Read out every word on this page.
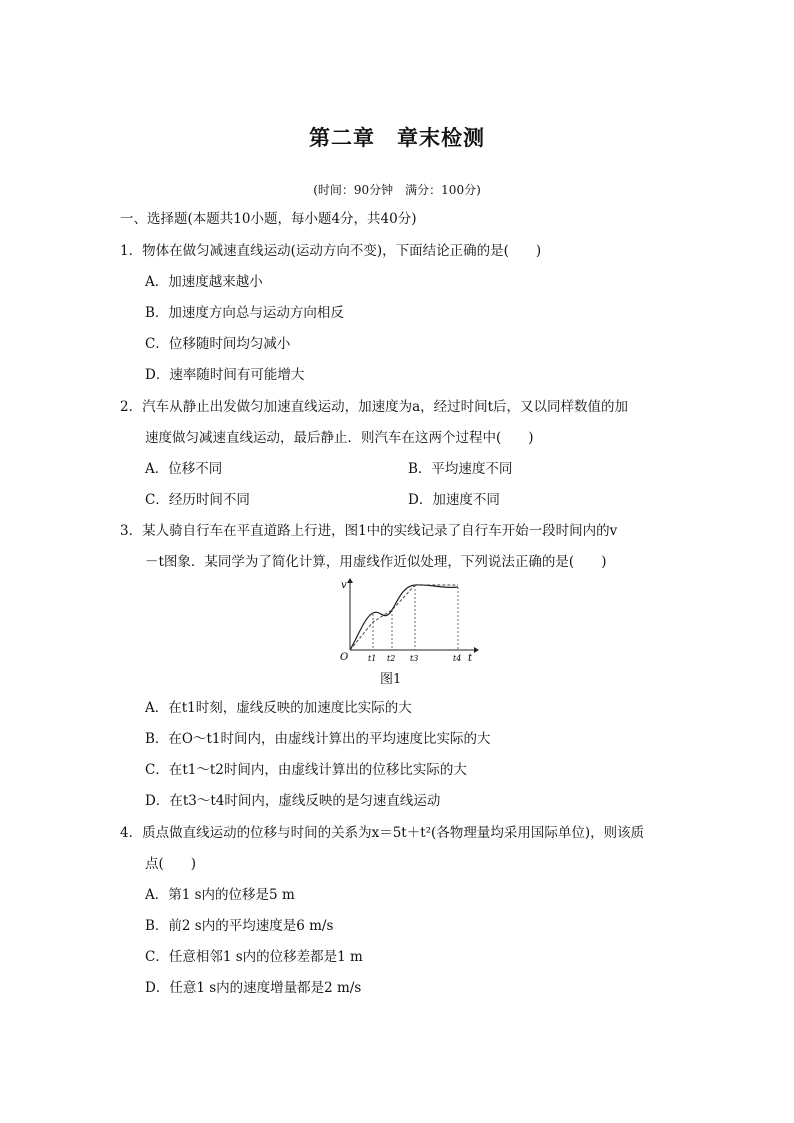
第二章　章末检测
(时间：90分钟　满分：100分)
一、选择题(本题共10小题，每小题4分，共40分)
1．物体在做匀减速直线运动(运动方向不变)，下面结论正确的是(　　)
A．加速度越来越小
B．加速度方向总与运动方向相反
C．位移随时间均匀减小
D．速率随时间有可能增大
2．汽车从静止出发做匀加速直线运动，加速度为a，经过时间t后，又以同样数值的加
速度做匀减速直线运动，最后静止．则汽车在这两个过程中(　　)
A．位移不同	B．平均速度不同
C．经历时间不同	D．加速度不同
3．某人骑自行车在平直道路上行进，图1中的实线记录了自行车开始一段时间内的v
－t图象．某同学为了简化计算，用虚线作近似处理，下列说法正确的是(　　)
v
O	t
t1 t2 t3	t4
图1
A．在t1时刻，虚线反映的加速度比实际的大
B．在O～t1时间内，由虚线计算出的平均速度比实际的大
C．在t1～t2时间内，由虚线计算出的位移比实际的大
D．在t3～t4时间内，虚线反映的是匀速直线运动
4．质点做直线运动的位移与时间的关系为x＝5t＋t²(各物理量均采用国际单位)，则该质
点(　　)
A．第1 s内的位移是5 m
B．前2 s内的平均速度是6 m/s
C．任意相邻1 s内的位移差都是1 m
D．任意1 s内的速度增量都是2 m/s
